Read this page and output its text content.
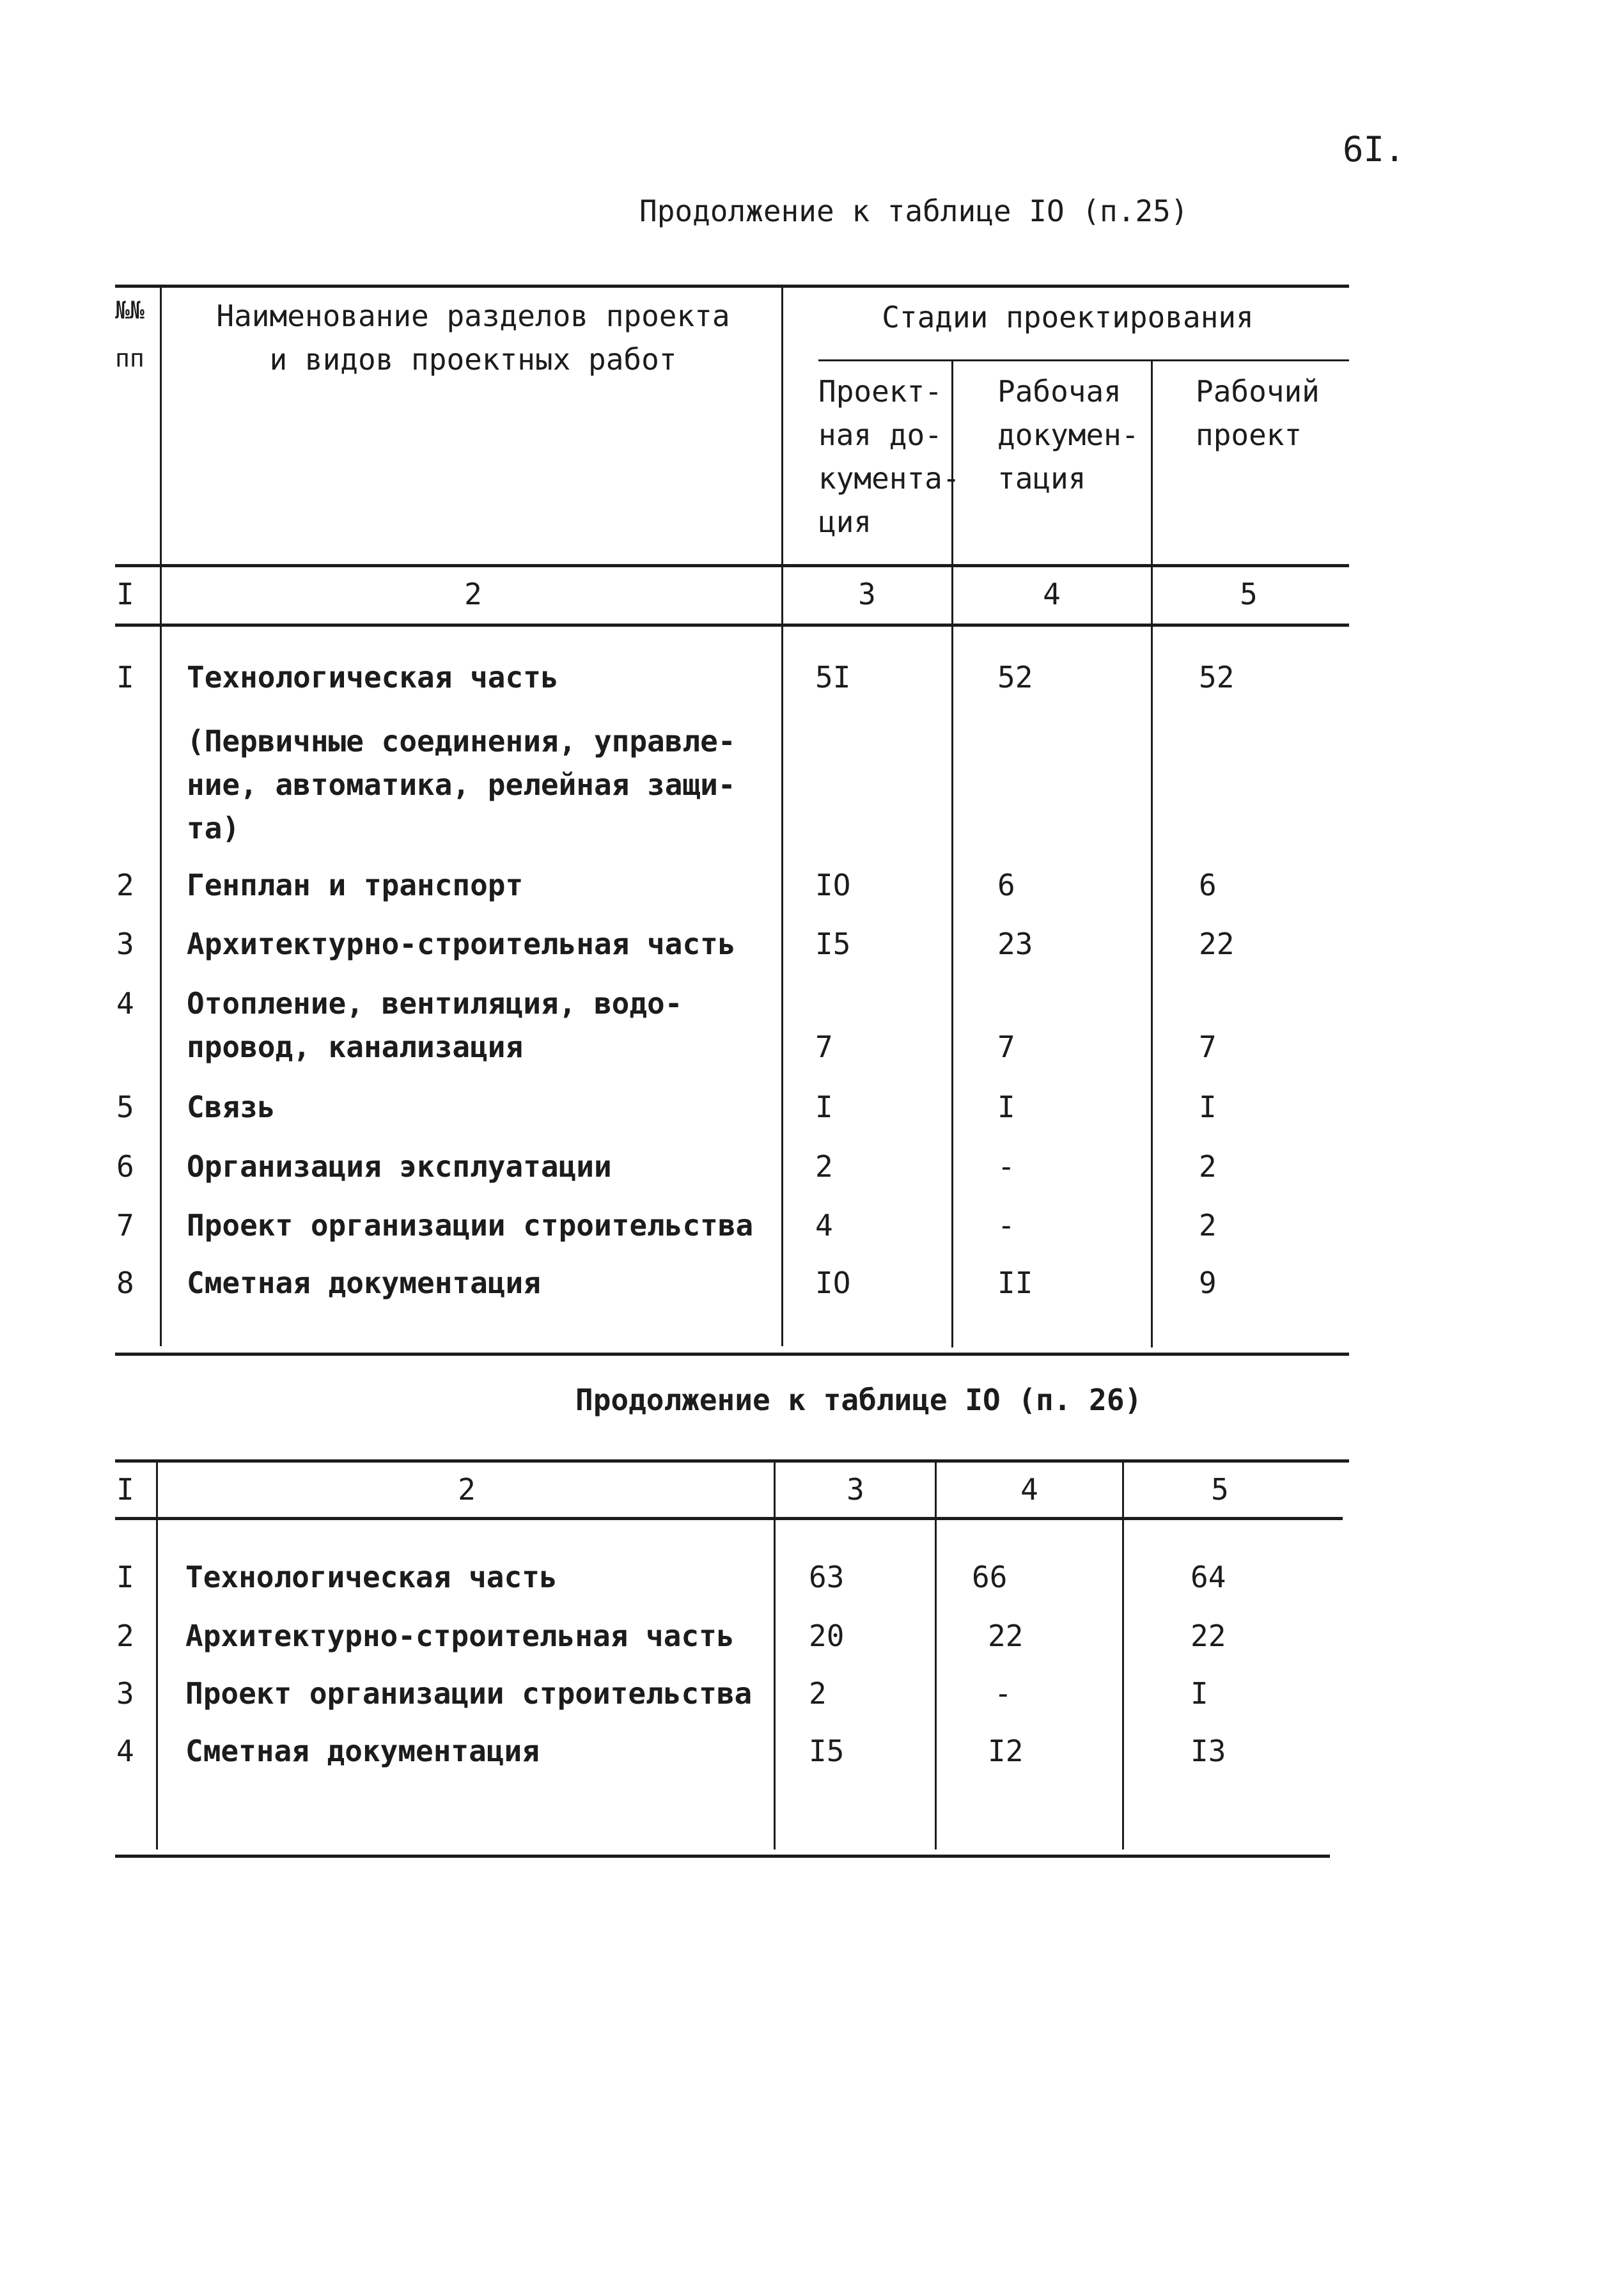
6I.
Продолжение к таблице IO (п.25)
№№
пп
Наименование разделов проекта
и видов проектных работ
Стадии проектирования
Проект-
ная до-
кумента-
ция
Рабочая
докумен-
тация
Рабочий
проект
I	2	3	4	5
I Технологическая часть	5I	52	52
(Первичные соединения, управле-
ние, автоматика, релейная защи-
та)
2 Генплан и транспорт	IO	6	6
3 Архитектурно-строительная часть	I5	23	22
4 Отопление, вентиляция, водо-
провод, канализация	7	7	7
5 Связь	I	I	I
6 Организация эксплуатации	2	-	2
7 Проект организации строительства 4	-	2
8 Сметная документация	IO	II	9
Продолжение к таблице IO (п. 26)
I	2	3	4	5
I Технологическая часть	63	66	64
2 Архитектурно-строительная часть	20	22	22
3 Проект организации строительства 2	-	I
4 Сметная документация	I5	I2	I3
